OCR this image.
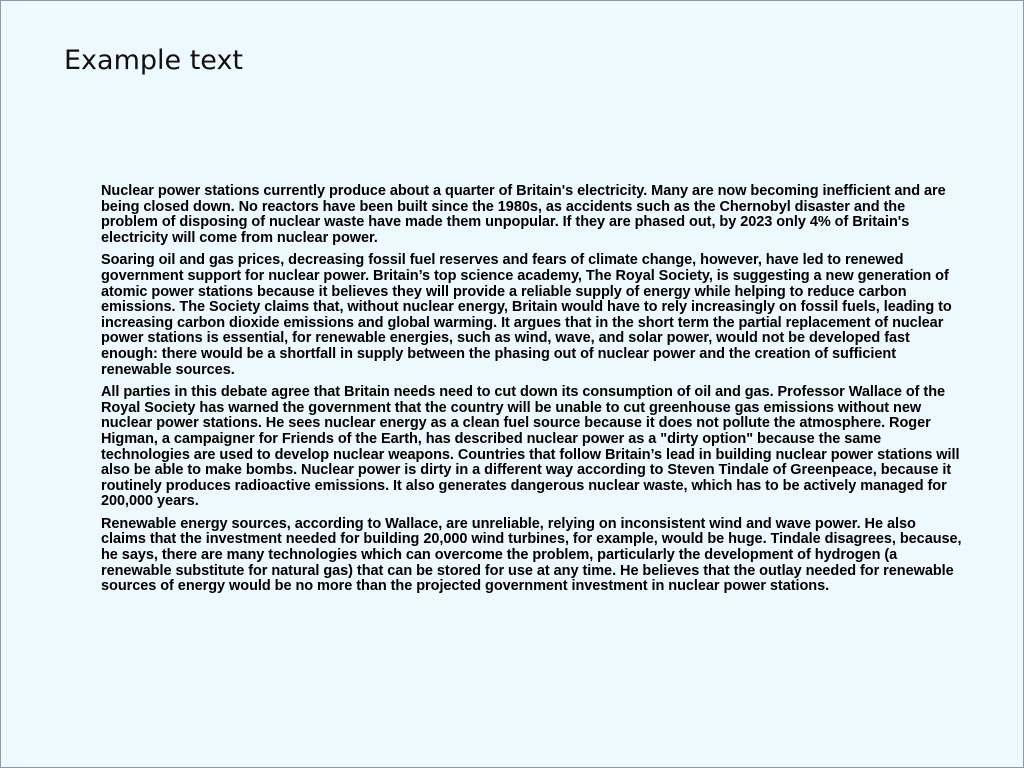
Example text

Nuclear power stations currently produce about a quarter of Britain's electricity. Many are now becoming inefficient and are being closed down. No reactors have been built since the 1980s, as accidents such as the Chernobyl disaster and the problem of disposing of nuclear waste have made them unpopular. If they are phased out, by 2023 only 4% of Britain's electricity will come from nuclear power.

Soaring oil and gas prices, decreasing fossil fuel reserves and fears of climate change, however, have led to renewed government support for nuclear power. Britain’s top science academy, The Royal Society, is suggesting a new generation of atomic power stations because it believes they will provide a reliable supply of energy while helping to reduce carbon emissions. The Society claims that, without nuclear energy, Britain would have to rely increasingly on fossil fuels, leading to increasing carbon dioxide emissions and global warming. It argues that in the short term the partial replacement of nuclear power stations is essential, for renewable energies, such as wind, wave, and solar power, would not be developed fast enough: there would be a shortfall in supply between the phasing out of nuclear power and the creation of sufficient renewable sources.

All parties in this debate agree that Britain needs need to cut down its consumption of oil and gas. Professor Wallace of the Royal Society has warned the government that the country will be unable to cut greenhouse gas emissions without new nuclear power stations. He sees nuclear energy as a clean fuel source because it does not pollute the atmosphere. Roger Higman, a campaigner for Friends of the Earth, has described nuclear power as a "dirty option" because the same technologies are used to develop nuclear weapons. Countries that follow Britain’s lead in building nuclear power stations will also be able to make bombs. Nuclear power is dirty in a different way according to Steven Tindale of Greenpeace, because it routinely produces radioactive emissions. It also generates dangerous nuclear waste, which has to be actively managed for 200,000 years.

Renewable energy sources, according to Wallace, are unreliable, relying on inconsistent wind and wave power. He also claims that the investment needed for building 20,000 wind turbines, for example, would be huge. Tindale disagrees, because, he says, there are many technologies which can overcome the problem, particularly the development of hydrogen (a renewable substitute for natural gas) that can be stored for use at any time. He believes that the outlay needed for renewable sources of energy would be no more than the projected government investment in nuclear power stations.
